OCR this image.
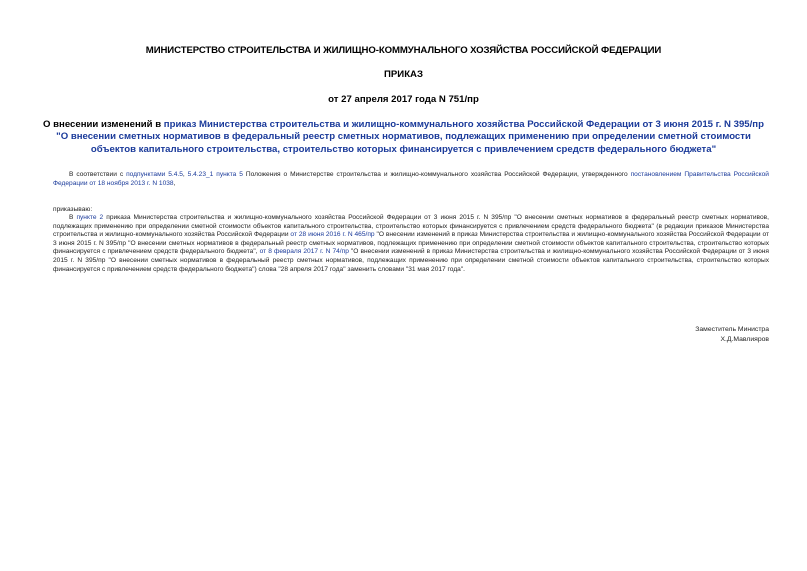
МИНИСТЕРСТВО СТРОИТЕЛЬСТВА И ЖИЛИЩНО-КОММУНАЛЬНОГО ХОЗЯЙСТВА РОССИЙСКОЙ ФЕДЕРАЦИИ
ПРИКАЗ
от 27 апреля 2017 года N 751/пр
О внесении изменений в приказ Министерства строительства и жилищно-коммунального хозяйства Российской Федерации от 3 июня 2015 г. N 395/пр "О внесении сметных нормативов в федеральный реестр сметных нормативов, подлежащих применению при определении сметной стоимости объектов капитального строительства, строительство которых финансируется с привлечением средств федерального бюджета"
В соответствии с подпунктами 5.4.5, 5.4.23_1 пункта 5 Положения о Министерстве строительства и жилищно-коммунального хозяйства Российской Федерации, утвержденного постановлением Правительства Российской Федерации от 18 ноября 2013 г. N 1038,
приказываю:
В пункте 2 приказа Министерства строительства и жилищно-коммунального хозяйства Российской Федерации от 3 июня 2015 г. N 395/пр "О внесении сметных нормативов в федеральный реестр сметных нормативов, подлежащих применению при определении сметной стоимости объектов капитального строительства, строительство которых финансируется с привлечением средств федерального бюджета" (в редакции приказов Министерства строительства и жилищно-коммунального хозяйства Российской Федерации от 28 июня 2016 г. N 465/пр "О внесении изменений в приказ Министерства строительства и жилищно-коммунального хозяйства Российской Федерации от 3 июня 2015 г. N 395/пр "О внесении сметных нормативов в федеральный реестр сметных нормативов, подлежащих применению при определении сметной стоимости объектов капитального строительства, строительство которых финансируется с привлечением средств федерального бюджета", от 8 февраля 2017 г. N 74/пр "О внесении изменений в приказ Министерства строительства и жилищно-коммунального хозяйства Российской Федерации от 3 июня 2015 г. N 395/пр "О внесении сметных нормативов в федеральный реестр сметных нормативов, подлежащих применению при определении сметной стоимости объектов капитального строительства, строительство которых финансируется с привлечением средств федерального бюджета") слова "28 апреля 2017 года" заменить словами "31 мая 2017 года".
Заместитель Министра
Х.Д.Мавлияров
